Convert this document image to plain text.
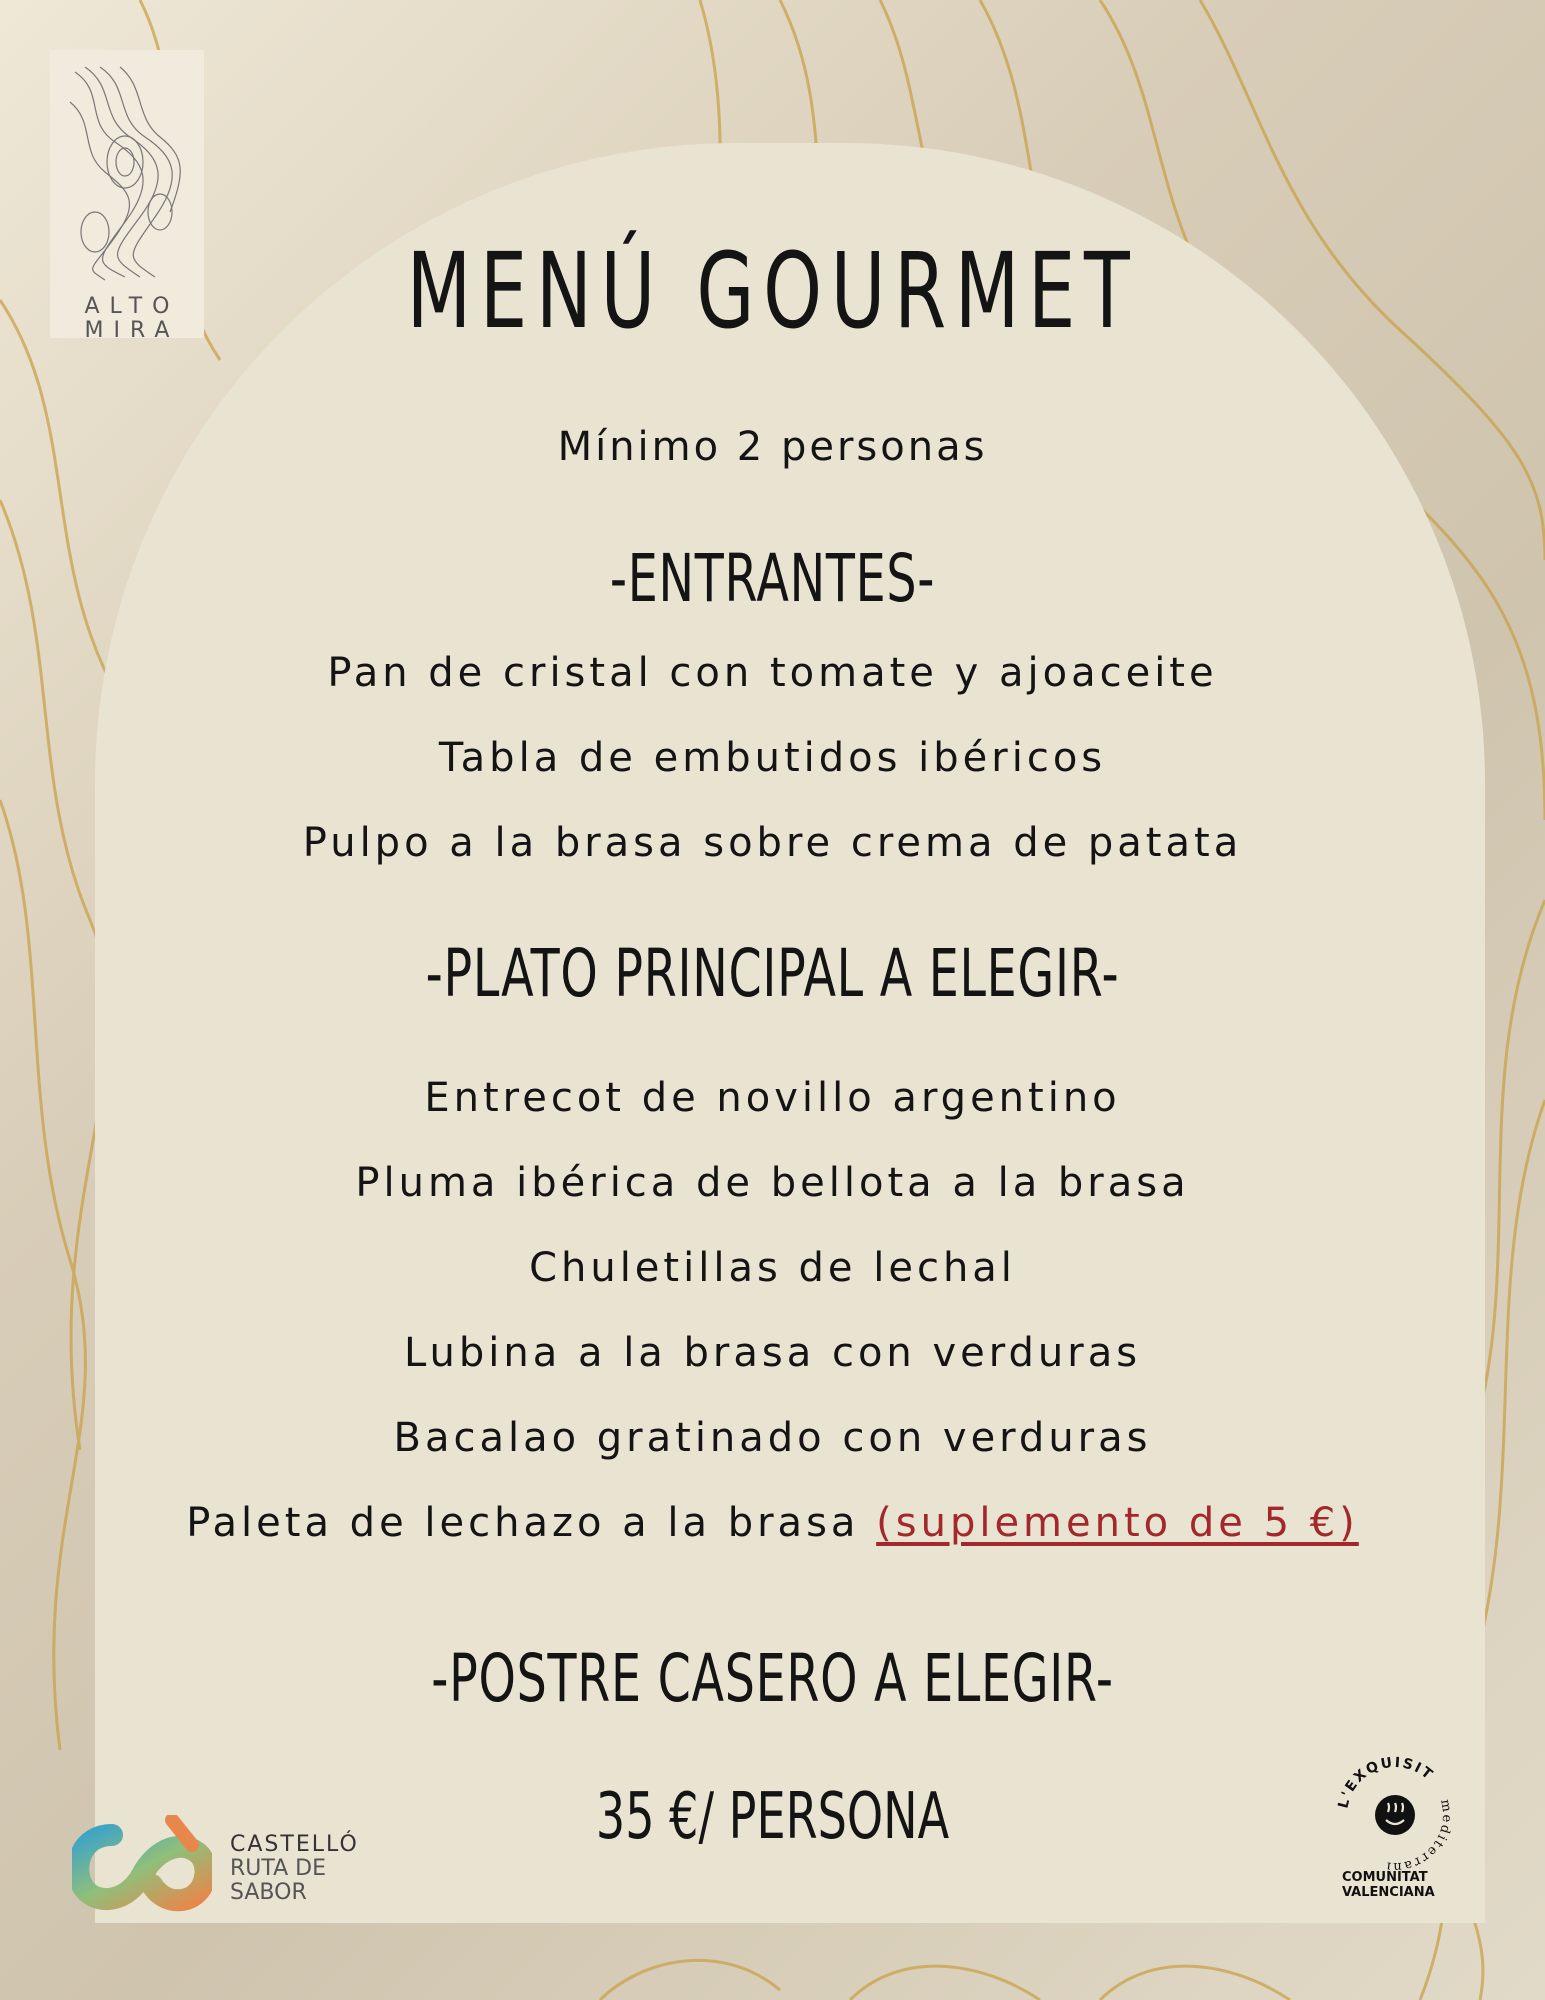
ALTO
MIRA	MENÚ GOURMET
Mínimo 2 personas
-ENTRANTES-
Pan de cristal con tomate y ajoaceite
Tabla de embutidos ibéricos
Pulpo a la brasa sobre crema de patata
-PLATO PRINCIPAL A ELEGIR-
Entrecot de novillo argentino
Pluma ibérica de bellota a la brasa
Chuletillas de lechal
Lubina a la brasa con verduras
Bacalao gratinado con verduras
Paleta de lechazo a la brasa (suplemento de 5 €)
-POSTRE CASERO A ELEGIR-
35 €/ PERSONA
CASTELLÓ
RUTA DE
SABOR
L'EXQUISIT
mediterrani
COMUNITAT
VALENCIANA
